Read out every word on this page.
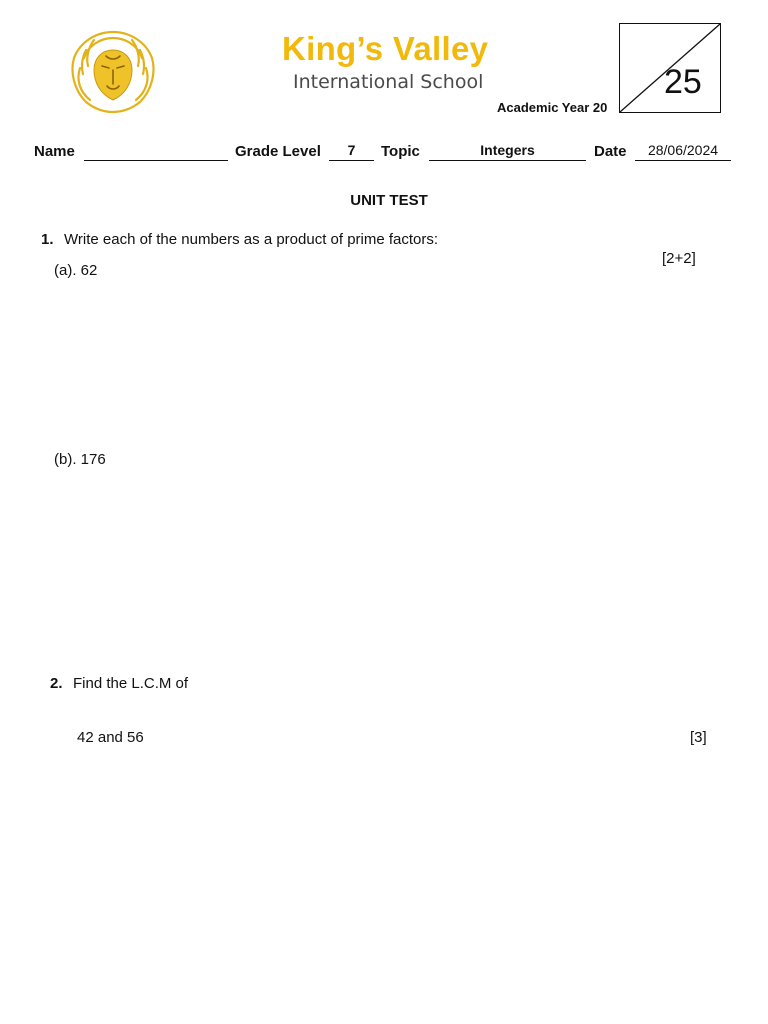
King’s Valley
International School
Academic Year 20
25
Name	Grade Level	7	Topic	Integers	Date	28/06/2024
UNIT TEST
1. Write each of the numbers as a product of prime factors:
[2+2]
(a). 62
(b). 176
2. Find the L.C.M of
42 and 56	[3]
